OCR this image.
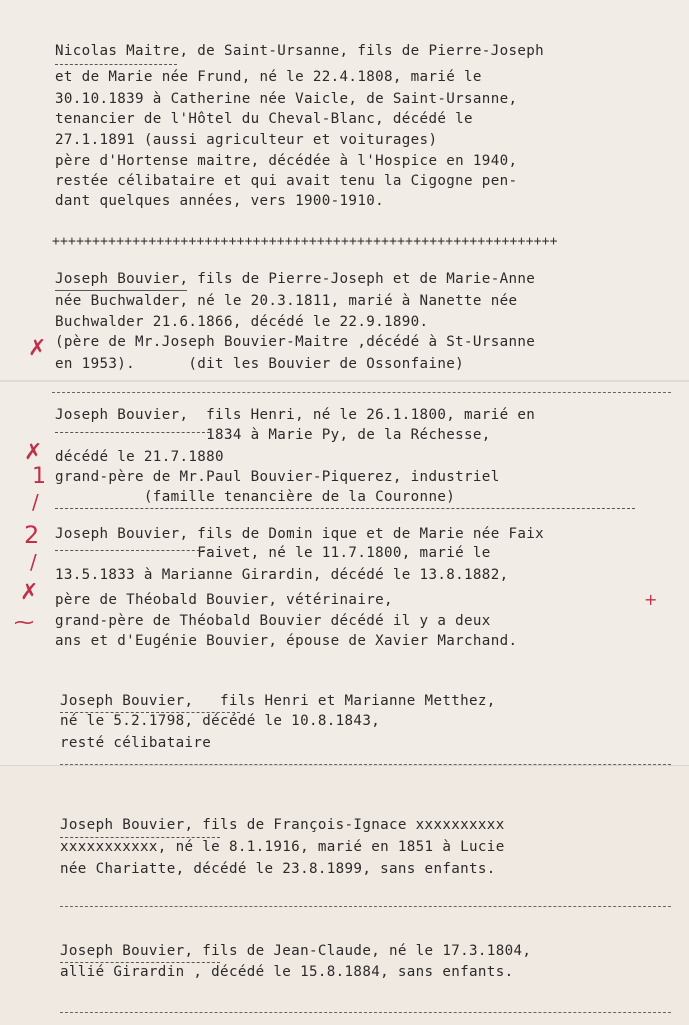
Nicolas Maitre, de Saint-Ursanne, fils de Pierre-Joseph
et de Marie née Frund, né le 22.4.1808, marié le
30.10.1839 à Catherine née Vaicle, de Saint-Ursanne,
tenancier de l'Hôtel du Cheval-Blanc, décédé le
27.1.1891 (aussi agriculteur et voiturages)
père d'Hortense maitre, décédée à l'Hospice en 1940,
restée célibataire et qui avait tenu la Cigogne pen-
dant quelques années, vers 1900-1910.
+++++++++++++++++++++++++++++++++++++++++++++++++++++++++++++++
Joseph Bouvier, fils de Pierre-Joseph et de Marie-Anne
née Buchwalder, né le 20.3.1811, marié à Nanette née
Buchwalder 21.6.1866, décédé le 22.9.1890.
(père de Mr.Joseph Bouvier-Maitre ,décédé à St-Ursanne
en 1953).      (dit les Bouvier de Ossonfaine)
✗
Joseph Bouvier,  fils Henri, né le 26.1.1800, marié en
1834 à Marie Py, de la Réchesse,
décédé le 21.7.1880
grand-père de Mr.Paul Bouvier-Piquerez, industriel
(famille tenancière de la Couronne)
✗
1
/
Joseph Bouvier, fils de Domin ique et de Marie née Faix
Faivet, né le 11.7.1800, marié le
13.5.1833 à Marianne Girardin, décédé le 13.8.1882,
père de Théobald Bouvier, vétérinaire,
grand-père de Théobald Bouvier décédé il y a deux
ans et d'Eugénie Bouvier, épouse de Xavier Marchand.
2
/
✗
⁓
+
Joseph Bouvier,   fils Henri et Marianne Metthez,
né le 5.2.1798, décédé le 10.8.1843,
resté célibataire
Joseph Bouvier, fils de François-Ignace xxxxxxxxxx
xxxxxxxxxxx, né le 8.1.1916, marié en 1851 à Lucie
née Chariatte, décédé le 23.8.1899, sans enfants.
Joseph Bouvier, fils de Jean-Claude, né le 17.3.1804,
allié Girardin , décédé le 15.8.1884, sans enfants.
